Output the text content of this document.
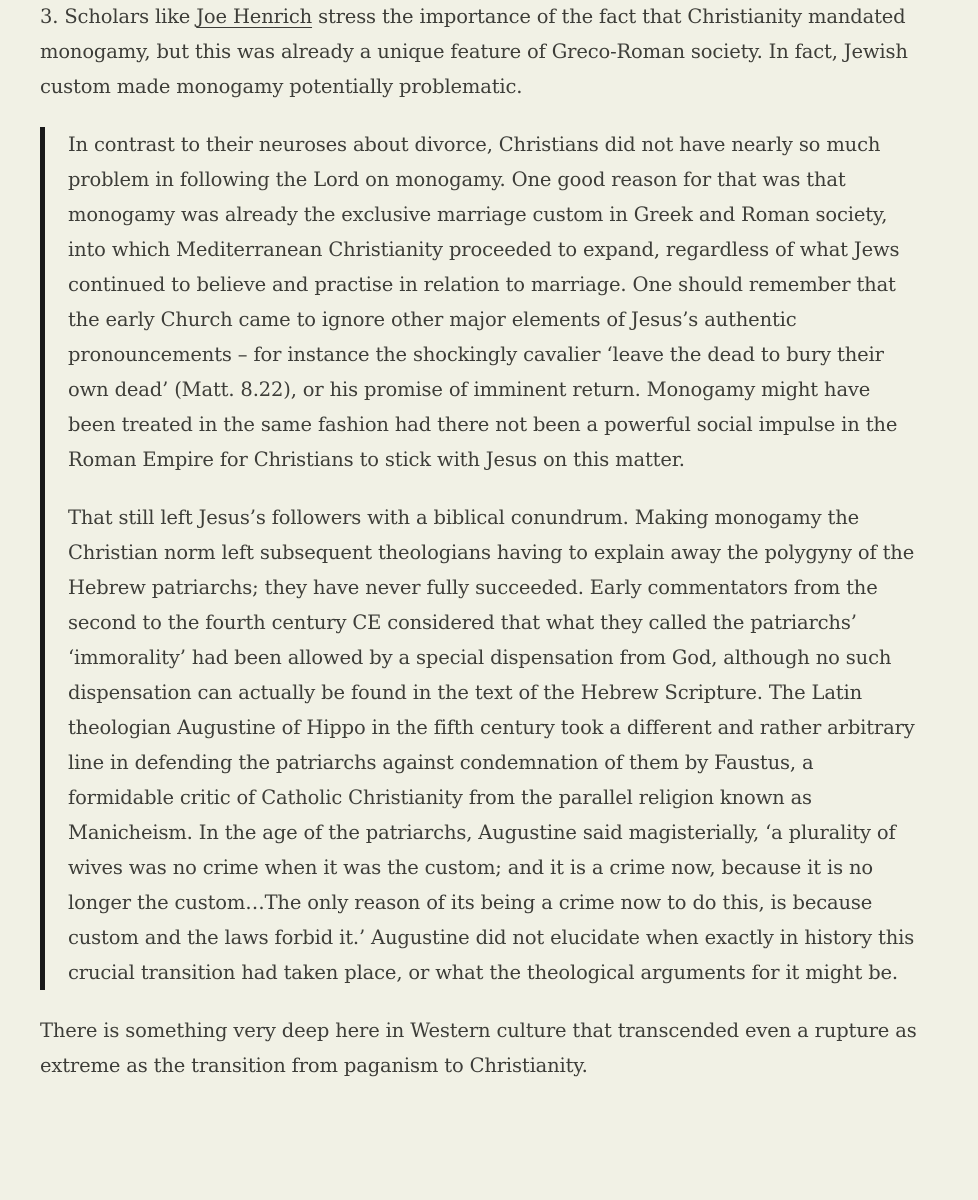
3. Scholars like Joe Henrich stress the importance of the fact that Christianity mandated monogamy, but this was already a unique feature of Greco-Roman society. In fact, Jewish custom made monogamy potentially problematic.

In contrast to their neuroses about divorce, Christians did not have nearly so much problem in following the Lord on monogamy. One good reason for that was that monogamy was already the exclusive marriage custom in Greek and Roman society, into which Mediterranean Christianity proceeded to expand, regardless of what Jews continued to believe and practise in relation to marriage. One should remember that the early Church came to ignore other major elements of Jesus’s authentic pronouncements – for instance the shockingly cavalier ‘leave the dead to bury their own dead’ (Matt. 8.22), or his promise of imminent return. Monogamy might have been treated in the same fashion had there not been a powerful social impulse in the Roman Empire for Christians to stick with Jesus on this matter.

That still left Jesus’s followers with a biblical conundrum. Making monogamy the Christian norm left subsequent theologians having to explain away the polygyny of the Hebrew patriarchs; they have never fully succeeded. Early commentators from the second to the fourth century CE considered that what they called the patriarchs’ ‘immorality’ had been allowed by a special dispensation from God, although no such dispensation can actually be found in the text of the Hebrew Scripture. The Latin theologian Augustine of Hippo in the fifth century took a different and rather arbitrary line in defending the patriarchs against condemnation of them by Faustus, a formidable critic of Catholic Christianity from the parallel religion known as Manicheism. In the age of the patriarchs, Augustine said magisterially, ‘a plurality of wives was no crime when it was the custom; and it is a crime now, because it is no longer the custom…The only reason of its being a crime now to do this, is because custom and the laws forbid it.’ Augustine did not elucidate when exactly in history this crucial transition had taken place, or what the theological arguments for it might be.

There is something very deep here in Western culture that transcended even a rupture as extreme as the transition from paganism to Christianity.
